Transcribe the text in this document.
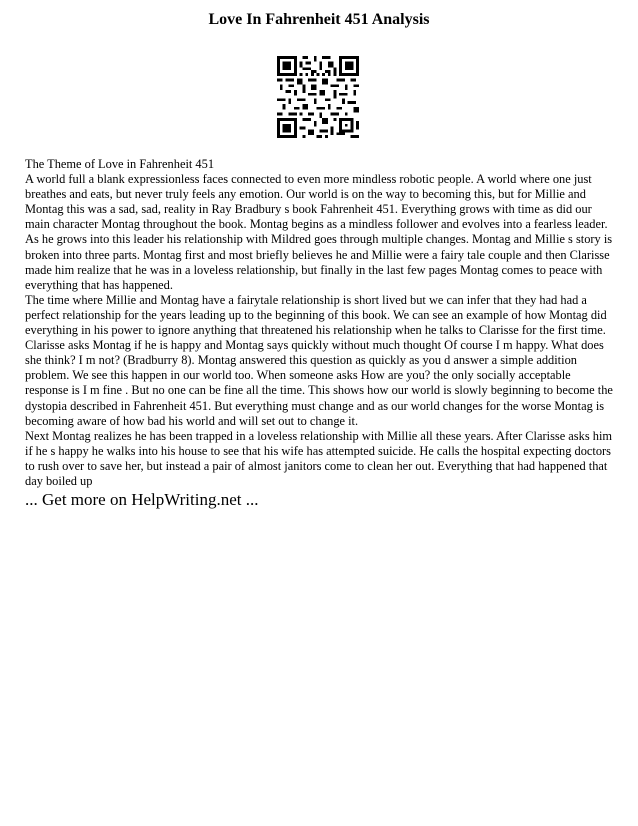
Love In Fahrenheit 451 Analysis

The Theme of Love in Fahrenheit 451

A world full a blank expressionless faces connected to even more mindless robotic people. A world where one just breathes and eats, but never truly feels any emotion. Our world is on the way to becoming this, but for Millie and Montag this was a sad, sad, reality in Ray Bradbury s book Fahrenheit 451. Everything grows with time as did our main character Montag throughout the book. Montag begins as a mindless follower and evolves into a fearless leader. As he grows into this leader his relationship with Mildred goes through multiple changes. Montag and Millie s story is broken into three parts. Montag first and most briefly believes he and Millie were a fairy tale couple and then Clarisse made him realize that he was in a loveless relationship, but finally in the last few pages Montag comes to peace with everything that has happened.

The time where Millie and Montag have a fairytale relationship is short lived but we can infer that they had had a perfect relationship for the years leading up to the beginning of this book. We can see an example of how Montag did everything in his power to ignore anything that threatened his relationship when he talks to Clarisse for the first time. Clarisse asks Montag if he is happy and Montag says quickly without much thought Of course I m happy. What does she think? I m not? (Bradburry 8). Montag answered this question as quickly as you d answer a simple addition problem. We see this happen in our world too. When someone asks How are you? the only socially acceptable response is I m fine . But no one can be fine all the time. This shows how our world is slowly beginning to become the dystopia described in Fahrenheit 451. But everything must change and as our world changes for the worse Montag is becoming aware of how bad his world and will set out to change it.

Next Montag realizes he has been trapped in a loveless relationship with Millie all these years. After Clarisse asks him if he s happy he walks into his house to see that his wife has attempted suicide. He calls the hospital expecting doctors to rush over to save her, but instead a pair of almost janitors come to clean her out. Everything that had happened that day boiled up

... Get more on HelpWriting.net ...
